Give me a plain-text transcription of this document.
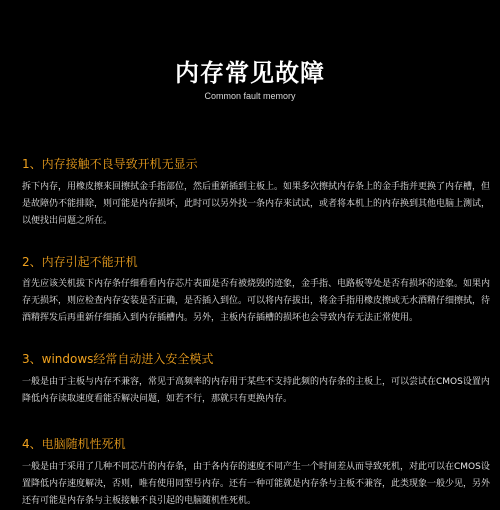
内存常见故障
Common fault memory
1、内存接触不良导致开机无显示
拆下内存，用橡皮擦来回擦拭金手指部位，然后重新插到主板上。如果多次擦拭内存条上的金手指并更换了内存槽，但
是故障仍不能排除，则可能是内存损坏，此时可以另外找一条内存来试试，或者将本机上的内存换到其他电脑上测试，
以便找出问题之所在。
2、内存引起不能开机
首先应该关机拔下内存条仔细看看内存芯片表面是否有被烧毁的迹象，金手指、电路板等处是否有损坏的迹象。如果内
存无损坏，则应检查内存安装是否正确，是否插入到位。可以将内存拔出，将金手指用橡皮擦或无水酒精仔细擦拭，待
酒精挥发后再重新仔细插入到内存插槽内。另外，主板内存插槽的损坏也会导致内存无法正常使用。
3、windows经常自动进入安全模式
一般是由于主板与内存不兼容，常见于高频率的内存用于某些不支持此频的内存条的主板上，可以尝试在CMOS设置内
降低内存读取速度看能否解决问题，如若不行，那就只有更换内存。
4、电脑随机性死机
一般是由于采用了几种不同芯片的内存条，由于各内存的速度不同产生一个时间差从而导致死机，对此可以在CMOS设
置降低内存速度解决，否则，唯有使用同型号内存。还有一种可能就是内存条与主板不兼容，此类现象一般少见，另外
还有可能是内存条与主板接触不良引起的电脑随机性死机。
